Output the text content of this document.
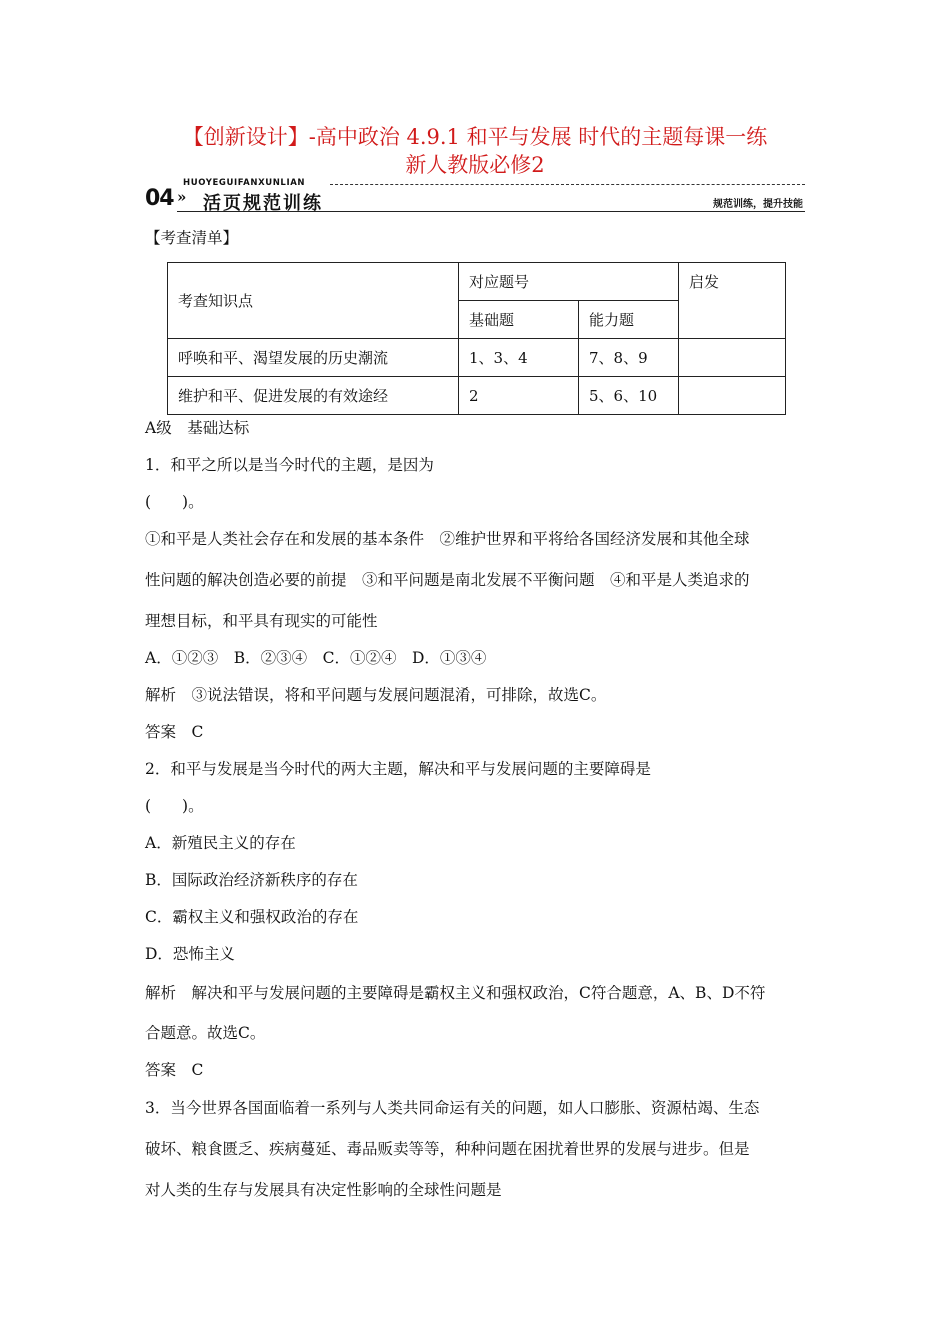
【创新设计】-高中政治 4.9.1 和平与发展 时代的主题每课一练
新人教版必修2
04 »
HUOYEGUIFANXUNLIAN
活页规范训练	规范训练，提升技能
【考查清单】
考查知识点	对应题号		启发
	基础题	能力题	
呼唤和平、渴望发展的历史潮流	1、3、4	7、8、9	
维护和平、促进发展的有效途经	2	5、6、10	
A级　基础达标
1．和平之所以是当今时代的主题，是因为
(　　)。
①和平是人类社会存在和发展的基本条件　②维护世界和平将给各国经济发展和其他全球
性问题的解决创造必要的前提　③和平问题是南北发展不平衡问题　④和平是人类追求的
理想目标，和平具有现实的可能性
A．①②③　B．②③④　C．①②④　D．①③④
解析　③说法错误，将和平问题与发展问题混淆，可排除，故选C。
答案　C
2．和平与发展是当今时代的两大主题，解决和平与发展问题的主要障碍是
(　　)。
A．新殖民主义的存在
B．国际政治经济新秩序的存在
C．霸权主义和强权政治的存在
D．恐怖主义
解析　解决和平与发展问题的主要障碍是霸权主义和强权政治，C符合题意，A、B、D不符
合题意。故选C。
答案　C
3．当今世界各国面临着一系列与人类共同命运有关的问题，如人口膨胀、资源枯竭、生态
破坏、粮食匮乏、疾病蔓延、毒品贩卖等等，种种问题在困扰着世界的发展与进步。但是
对人类的生存与发展具有决定性影响的全球性问题是
